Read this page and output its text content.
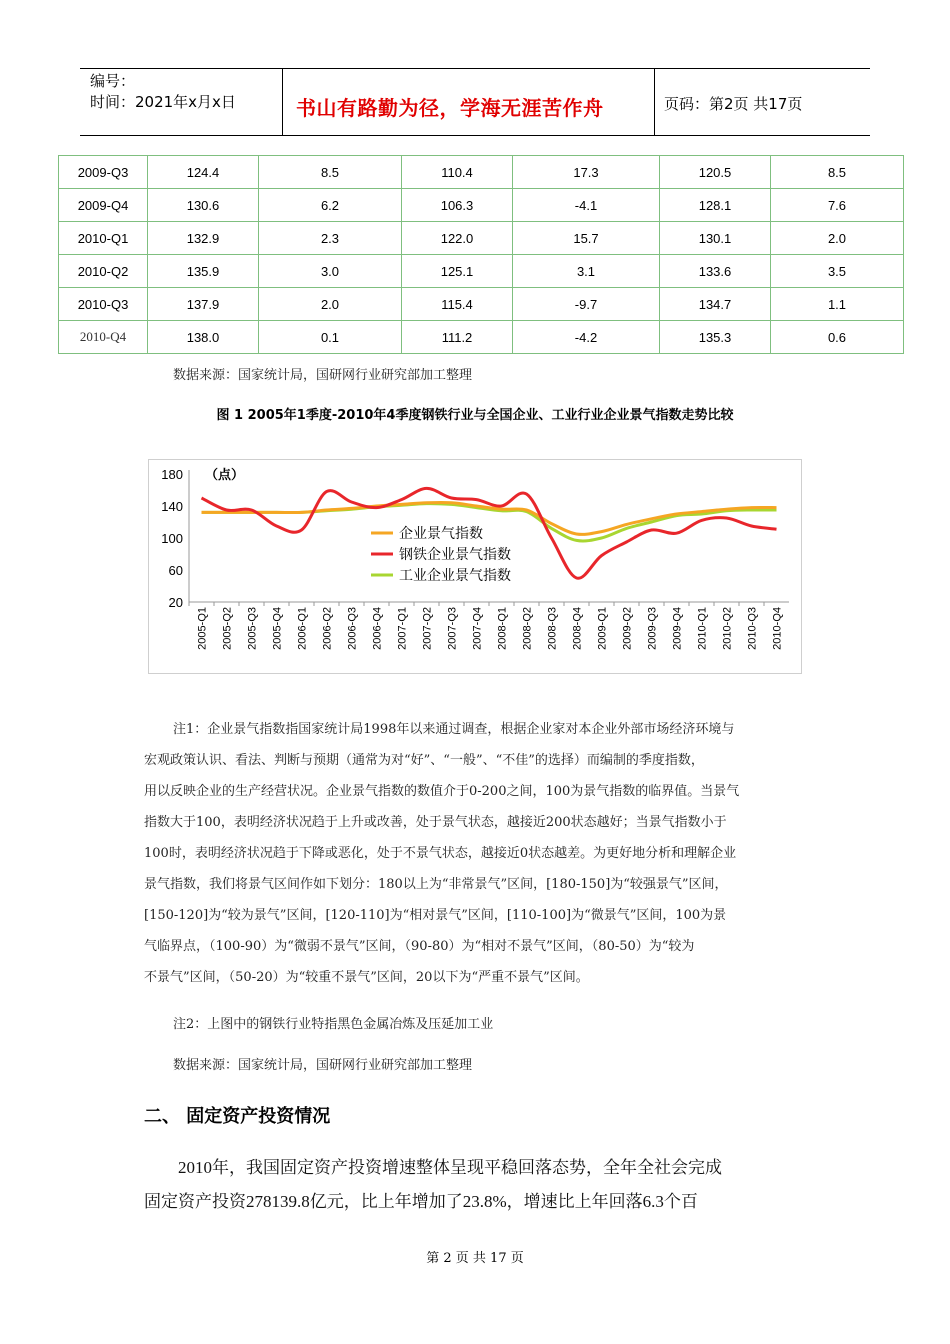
编号：
时间：2021年x月x日	书山有路勤为径，学海无涯苦作舟	页码：第2页 共17页
2009-Q3	124.4	8.5	110.4	17.3	120.5	8.5
2009-Q4	130.6	6.2	106.3	-4.1	128.1	7.6
2010-Q1	132.9	2.3	122.0	15.7	130.1	2.0
2010-Q2	135.9	3.0	125.1	3.1	133.6	3.5
2010-Q3	137.9	2.0	115.4	-9.7	134.7	1.1
2010-Q4	138.0	0.1	111.2	-4.2	135.3	0.6
数据来源：国家统计局，国研网行业研究部加工整理
图 1 2005年1季度-2010年4季度钢铁行业与全国企业、工业行业企业景气指数走势比较
180
140
100
60
20
（点）
2005-Q1 2005-Q2 2005-Q3 2005-Q4 2006-Q1 2006-Q2 2006-Q3 2006-Q4 2007-Q1 2007-Q2 2007-Q3 2007-Q4 2008-Q1 2008-Q2 2008-Q3 2008-Q4 2009-Q1 2009-Q2 2009-Q3 2009-Q4 2010-Q1 2010-Q2 2010-Q3 2010-Q4
企业景气指数
钢铁企业景气指数
工业企业景气指数
注1：企业景气指数指国家统计局1998年以来通过调查，根据企业家对本企业外部市场经济环境与
宏观政策认识、看法、判断与预期（通常为对“好”、“一般”、“不佳”的选择）而编制的季度指数，
用以反映企业的生产经营状况。企业景气指数的数值介于0-200之间，100为景气指数的临界值。当景气
指数大于100，表明经济状况趋于上升或改善，处于景气状态，越接近200状态越好；当景气指数小于
100时，表明经济状况趋于下降或恶化，处于不景气状态，越接近0状态越差。为更好地分析和理解企业
景气指数，我们将景气区间作如下划分：180以上为“非常景气”区间，[180-150]为“较强景气”区间，
[150-120]为“较为景气”区间，[120-110]为“相对景气”区间，[110-100]为“微景气”区间，100为景
气临界点，（100-90）为“微弱不景气”区间，（90-80）为“相对不景气”区间，（80-50）为“较为
不景气”区间，（50-20）为“较重不景气”区间，20以下为“严重不景气”区间。
注2：上图中的钢铁行业特指黑色金属冶炼及压延加工业
数据来源：国家统计局，国研网行业研究部加工整理
二、 固定资产投资情况
2010年，我国固定资产投资增速整体呈现平稳回落态势，全年全社会完成
固定资产投资278139.8亿元，比上年增加了23.8%，增速比上年回落6.3个百
第 2 页 共 17 页
